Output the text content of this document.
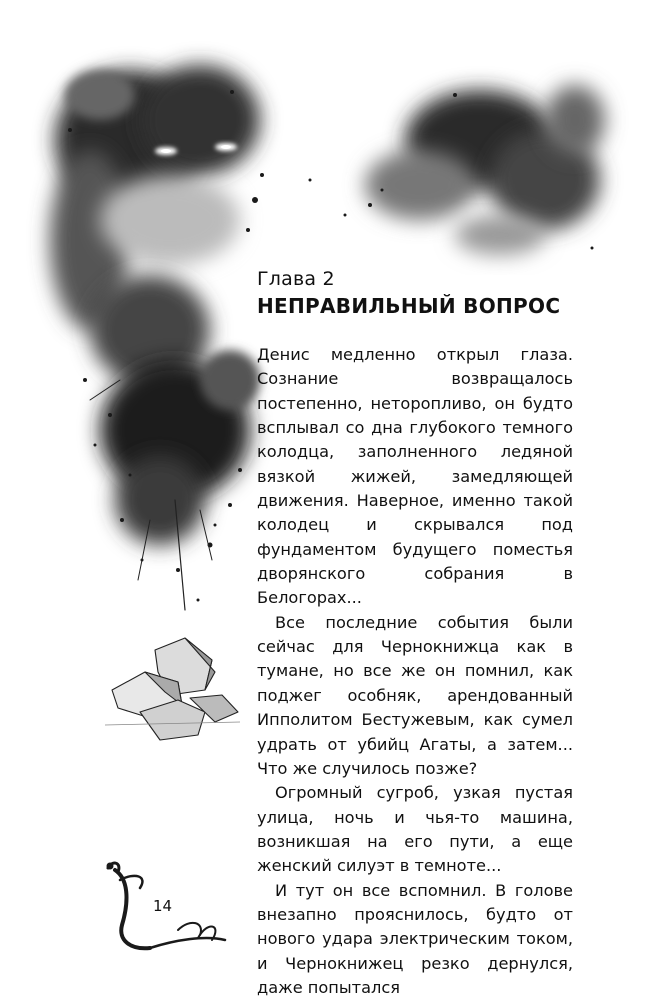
Глава 2
НЕПРАВИЛЬНЫЙ ВОПРОС

Денис медленно открыл глаза. Сознание возвращалось постепенно, неторопливо, он будто всплывал со дна глубокого темного колодца, заполненного ледяной вязкой жижей, замедляющей движения. Наверное, именно такой колодец и скрывался под фундаментом будущего поместья дворянского собрания в Белогорах...

Все последние события были сейчас для Чернокнижца как в тумане, но все же он помнил, как поджег особняк, арендованный Ипполитом Бестужевым, как сумел удрать от убийц Агаты, а затем... Что же случилось позже?

Огромный сугроб, узкая пустая улица, ночь и чья-то машина, возникшая на его пути, а еще женский силуэт в темноте...

И тут он все вспомнил. В голове внезапно прояснилось, будто от нового удара электрическим током, и Чернокнижец резко дернулся, даже попытался

14
